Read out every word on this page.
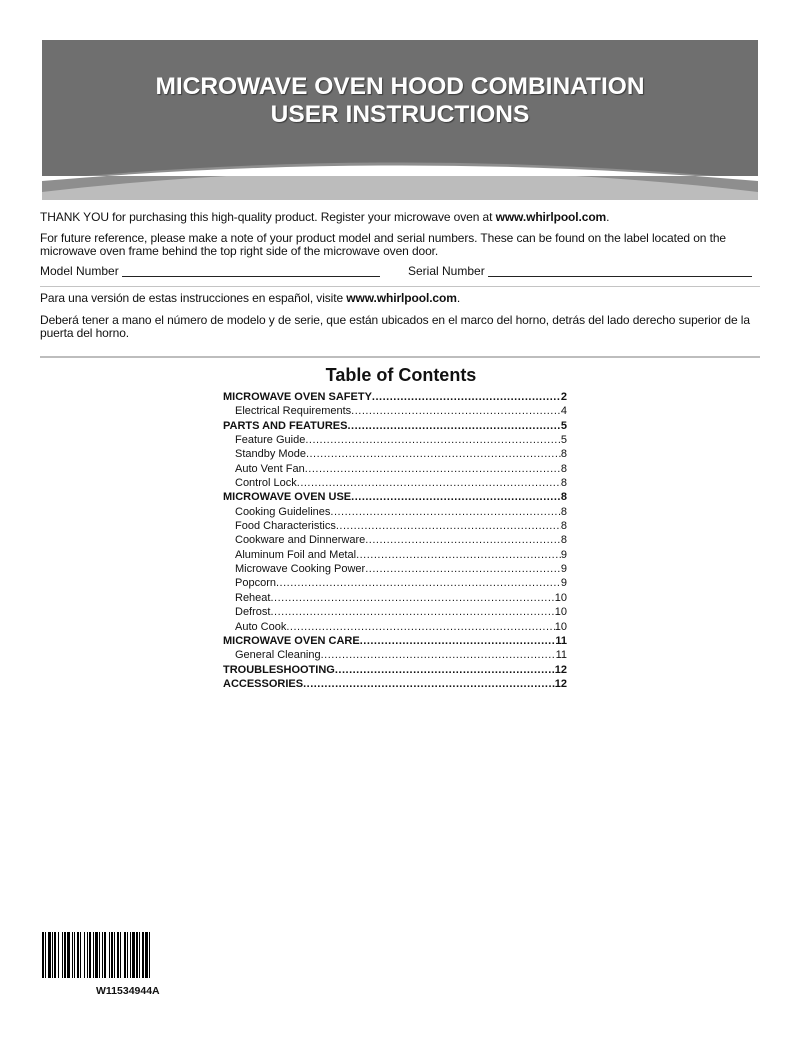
MICROWAVE OVEN HOOD COMBINATION
USER INSTRUCTIONS
THANK YOU for purchasing this high-quality product. Register your microwave oven at www.whirlpool.com.
For future reference, please make a note of your product model and serial numbers. These can be found on the label located on the microwave oven frame behind the top right side of the microwave oven door.
Model Number	Serial Number
Para una versión de estas instrucciones en español, visite www.whirlpool.com.
Deberá tener a mano el número de modelo y de serie, que están ubicados en el marco del horno, detrás del lado derecho superior de la puerta del horno.
Table of Contents
MICROWAVE OVEN SAFETY .....	2
Electrical Requirements .....	4
PARTS AND FEATURES .....	5
Feature Guide .....	5
Standby Mode .....	8
Auto Vent Fan .....	8
Control Lock .....	8
MICROWAVE OVEN USE .....	8
Cooking Guidelines .....	8
Food Characteristics .....	8
Cookware and Dinnerware .....	8
Aluminum Foil and Metal .....	9
Microwave Cooking Power .....	9
Popcorn .....	9
Reheat .....	10
Defrost .....	10
Auto Cook .....	10
MICROWAVE OVEN CARE .....	11
General Cleaning .....	11
TROUBLESHOOTING .....	12
ACCESSORIES .....	12
W11534944A
